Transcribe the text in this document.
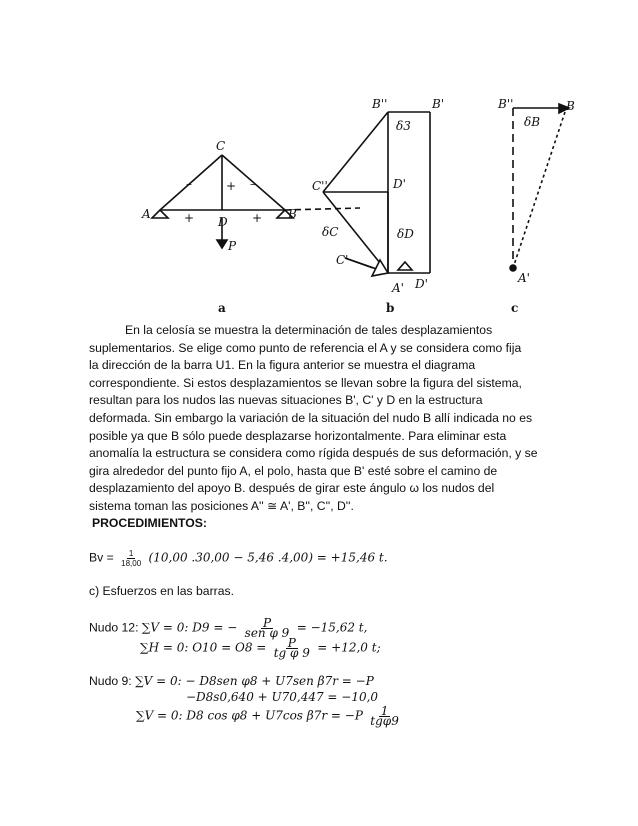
C
A
D
B
P
–	+ –
+	+
B''	B'
δ3
C''	D'
δC	δD
C'
A' D'
B''	B
δB
A'
a	b	c
En la celosía se muestra la determinación de tales desplazamientos
suplementarios. Se elige como punto de referencia el A y se considera como fija
la dirección de la barra U1. En la figura anterior se muestra el diagrama
correspondiente. Si estos desplazamientos se llevan sobre la figura del sistema,
resultan para los nudos las nuevas situaciones B', C' y D en la estructura
deformada. Sin embargo la variación de la situación del nudo B allí indicada no es
posible ya que B sólo puede desplazarse horizontalmente. Para eliminar esta
anomalía la estructura se considera como rígida después de sus deformación, y se
gira alrededor del punto fijo A, el polo, hasta que B' esté sobre el camino de
desplazamiento del apoyo B. después de girar este ángulo ω los nudos del
sistema toman las posiciones A'' ≅ A', B'', C'', D''.
PROCEDIMIENTOS:
$Bv = \frac{1}{18,00} (10,00$ .30,00 − 5,46 .4,00) = +15,46 t.
c) Esfuerzos en las barras.
Nudo 12: ∑V = 0: D9 = − $\frac{P}{\text{sen φ 9}} = -15,62$ t,
∑H = 0: $O10 = O8 = \frac{P}{\text{tg φ 9}} = +12,0$ t;
Nudo 9: ∑V = 0: − D8sen φ8 + U7sen β7r = −P
−D8s0,640 + U70,447 = −10,0
∑V = 0: D8 cos φ8 + U7cos $\beta 7r = -P \frac{1}{\text{tgφ9}}$
